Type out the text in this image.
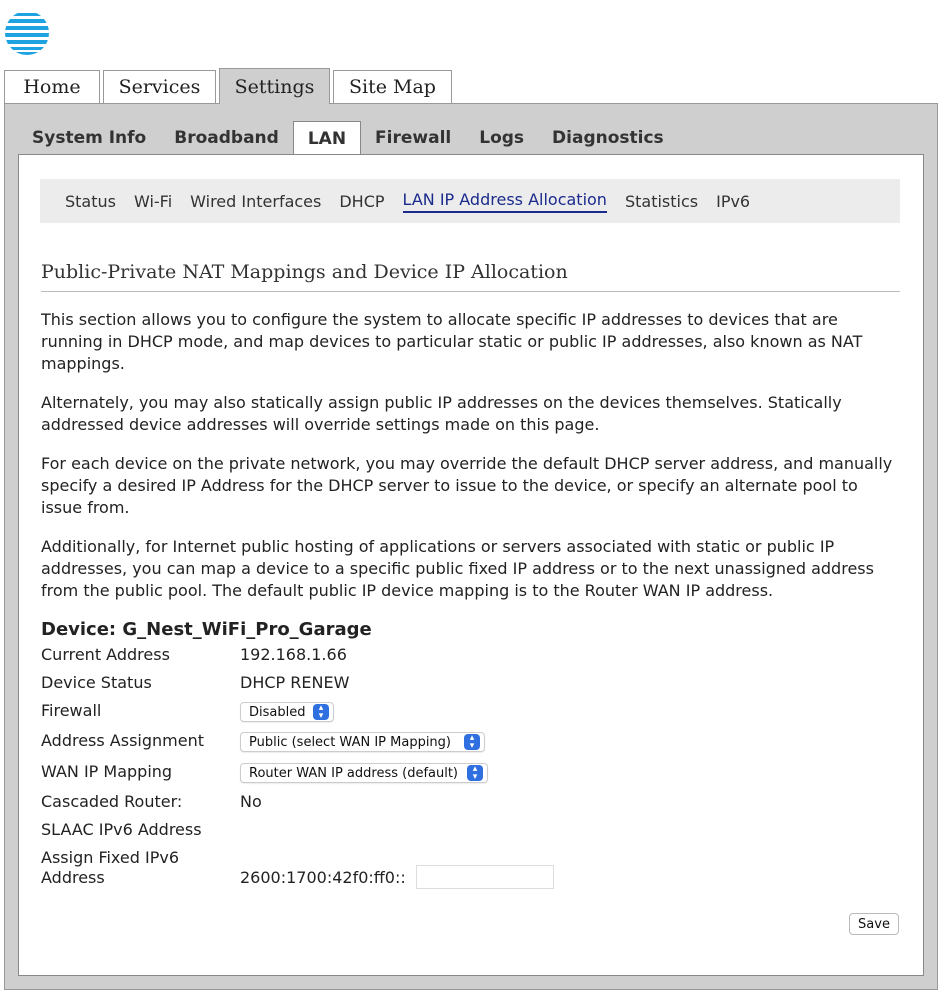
Home	Services	Settings	Site Map
System Info	Broadband	LAN	Firewall	Logs	Diagnostics
Status Wi-Fi Wired Interfaces DHCP LAN IP Address Allocation Statistics IPv6
Public-Private NAT Mappings and Device IP Allocation

This section allows you to configure the system to allocate specific IP addresses to devices that are running in DHCP mode, and map devices to particular static or public IP addresses, also known as NAT mappings.

Alternately, you may also statically assign public IP addresses on the devices themselves. Statically addressed device addresses will override settings made on this page.

For each device on the private network, you may override the default DHCP server address, and manually specify a desired IP Address for the DHCP server to issue to the device, or specify an alternate pool to issue from.

Additionally, for Internet public hosting of applications or servers associated with static or public IP addresses, you can map a device to a specific public fixed IP address or to the next unassigned address from the public pool. The default public IP device mapping is to the Router WAN IP address.

Device: G_Nest_WiFi_Pro_Garage
Current Address	192.168.1.66
Device Status	DHCP RENEW
Firewall	Disabled	▴
▾
Address Assignment	Public (select WAN IP Mapping)	▴
▾
WAN IP Mapping	Router WAN IP address (default)	▴
▾
Cascaded Router:	No
SLAAC IPv6 Address
Assign Fixed IPv6
Address	2600:1700:42f0:ff0::
Save
